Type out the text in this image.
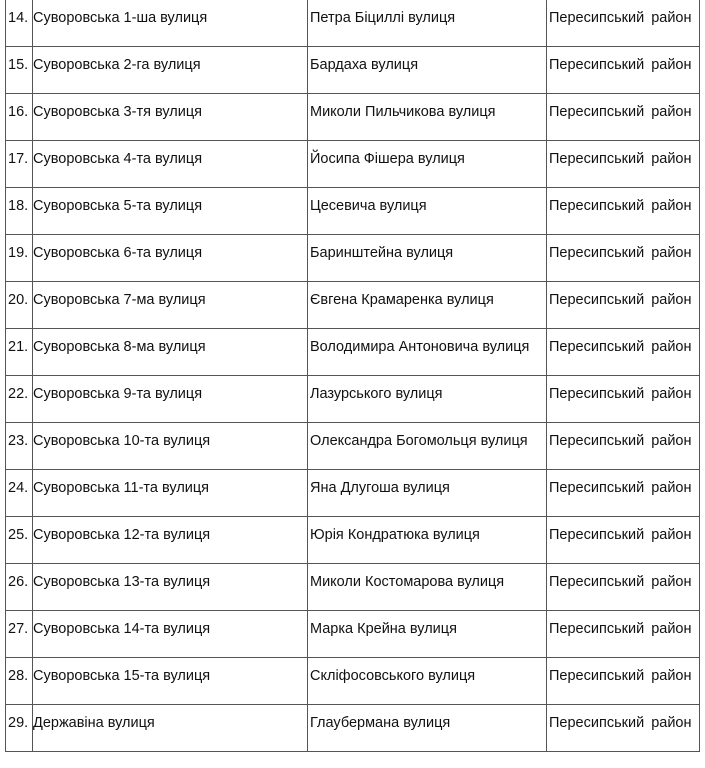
14.	Суворовська 1-ша вулиця	Петра Біциллі вулиця	Пересипський район

15.	Суворовська 2-га вулиця	Бардаха вулиця	Пересипський район

16.	Суворовська 3-тя вулиця	Миколи Пильчикова вулиця	Пересипський район

17.	Суворовська 4-та вулиця	Йосипа Фішера вулиця	Пересипський район

18.	Суворовська 5-та вулиця	Цесевича вулиця	Пересипський район

19.	Суворовська 6-та вулиця	Баринштейна вулиця	Пересипський район

20.	Суворовська 7-ма вулиця	Євгена Крамаренка вулиця	Пересипський район

21.	Суворовська 8-ма вулиця	Володимира Антоновича вулиця	Пересипський район

22.	Суворовська 9-та вулиця	Лазурського вулиця	Пересипський район

23.	Суворовська 10-та вулиця	Олександра Богомольця вулиця	Пересипський район

24.	Суворовська 11-та вулиця	Яна Длугоша вулиця	Пересипський район

25.	Суворовська 12-та вулиця	Юрія Кондратюка вулиця	Пересипський район

26.	Суворовська 13-та вулиця	Миколи Костомарова вулиця	Пересипський район

27.	Суворовська 14-та вулиця	Марка Крейна вулиця	Пересипський район

28.	Суворовська 15-та вулиця	Скліфосовського вулиця	Пересипський район

29.	Державіна вулиця	Глаубермана вулиця	Пересипський район
